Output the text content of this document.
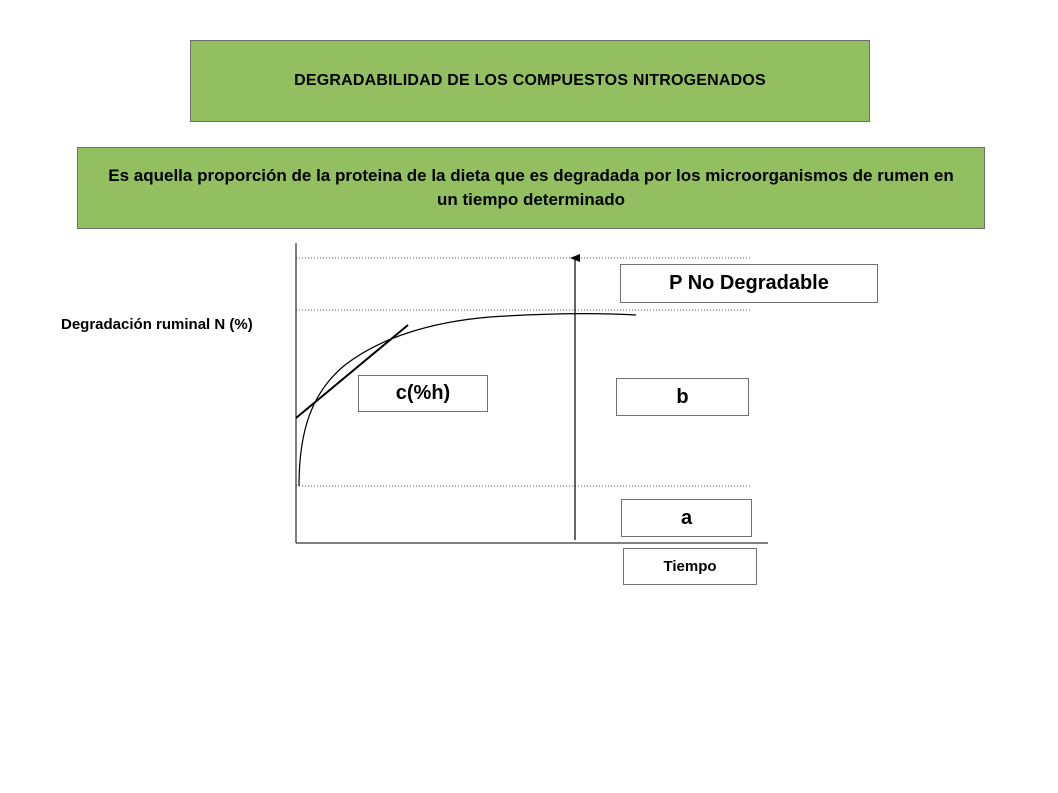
DEGRADABILIDAD DE LOS COMPUESTOS NITROGENADOS
Es aquella proporción de la proteina de la dieta que es degradada por los microorganismos de rumen en un tiempo determinado
Degradación ruminal N (%)
P No Degradable
c(%h)	b
a
Tiempo
